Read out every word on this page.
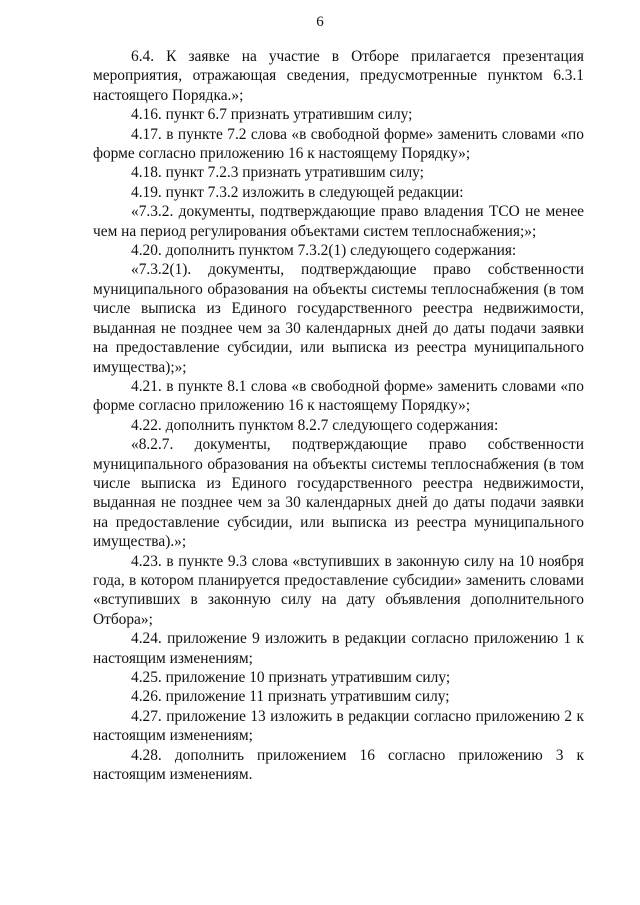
6

6.4. К заявке на участие в Отборе прилагается презентация мероприятия, отражающая сведения, предусмотренные пунктом 6.3.1 настоящего Порядка.»;

4.16. пункт 6.7 признать утратившим силу;

4.17. в пункте 7.2 слова «в свободной форме» заменить словами «по форме согласно приложению 16 к настоящему Порядку»;

4.18. пункт 7.2.3 признать утратившим силу;

4.19. пункт 7.3.2 изложить в следующей редакции:

«7.3.2. документы, подтверждающие право владения ТСО не менее чем на период регулирования объектами систем теплоснабжения;»;

4.20. дополнить пунктом 7.3.2(1) следующего содержания:

«7.3.2(1). документы, подтверждающие право собственности муниципального образования на объекты системы теплоснабжения (в том числе выписка из Единого государственного реестра недвижимости, выданная не позднее чем за 30 календарных дней до даты подачи заявки на предоставление субсидии, или выписка из реестра муниципального имущества);»;

4.21. в пункте 8.1 слова «в свободной форме» заменить словами «по форме согласно приложению 16 к настоящему Порядку»;

4.22. дополнить пунктом 8.2.7 следующего содержания:

«8.2.7. документы, подтверждающие право собственности муниципального образования на объекты системы теплоснабжения (в том числе выписка из Единого государственного реестра недвижимости, выданная не позднее чем за 30 календарных дней до даты подачи заявки на предоставление субсидии, или выписка из реестра муниципального имущества).»;

4.23. в пункте 9.3 слова «вступивших в законную силу на 10 ноября года, в котором планируется предоставление субсидии» заменить словами «вступивших в законную силу на дату объявления дополнительного Отбора»;

4.24. приложение 9 изложить в редакции согласно приложению 1 к настоящим изменениям;

4.25. приложение 10 признать утратившим силу;

4.26. приложение 11 признать утратившим силу;

4.27. приложение 13 изложить в редакции согласно приложению 2 к настоящим изменениям;

4.28. дополнить приложением 16 согласно приложению 3 к настоящим изменениям.
